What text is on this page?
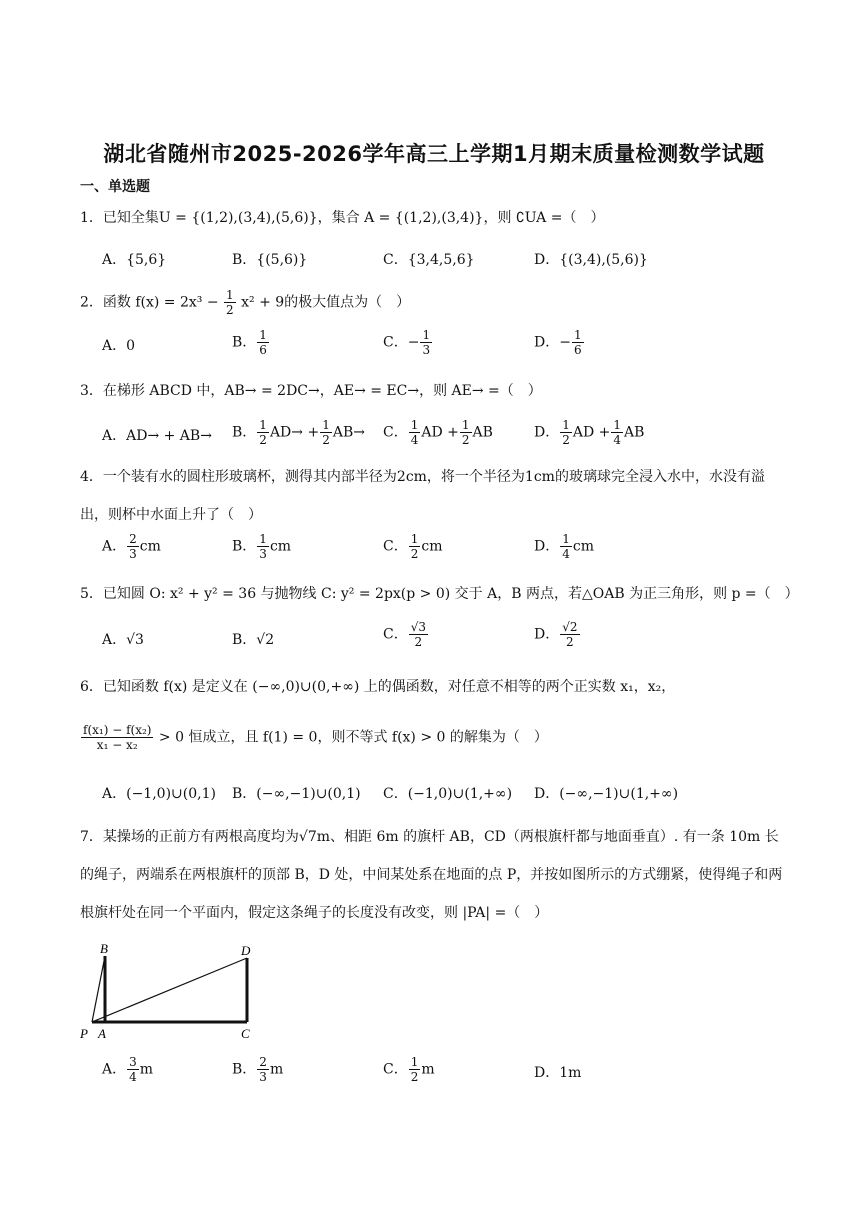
湖北省随州市2025-2026学年高三上学期1月期末质量检测数学试题
一、单选题
1．已知全集U = {(1,2),(3,4),(5,6)}，集合 A = {(1,2),(3,4)}，则 ∁UA =（　）
A．{5,6}	B．{(5,6)}	C．{3,4,5,6}	D．{(3,4),(5,6)}
2．函数 $f(x) = 2x^3 - \frac{1}{2} x^2 + 9$的极大值点为（　）
A．0	B． $\frac{1}{6}$	C．− $\frac{1}{3}$	D．− $\frac{1}{6}$
3．在梯形 ABCD 中，AB→ = 2DC→，AE→ = EC→，则 AE→ =（　）
A．AD→ + AB→ B． $\frac{1}{2} AD\to + \frac{1}{2} AB\to C$． $\frac{1}{4}$ AD + $\frac{1}{2}$ AB	D． $\frac{1}{2}$ AD + $\frac{1}{4}$ AB
4．一个装有水的圆柱形玻璃杯，测得其内部半径为2cm，将一个半径为1cm的玻璃球完全浸入水中，水没有溢出，则杯中水面上升了（　）
A． $\frac{2}{3}$ cm	B． $\frac{1}{3}$ cm	C． $\frac{1}{2}$ cm	D． $\frac{1}{4}$ cm
5．已知圆 O: x² + y² = 36 与抛物线 C: y² = 2px(p > 0) 交于 A，B 两点，若△OAB 为正三角形，则 p =（　）
A．√3	B．√2	C． $\frac{√3}{2}$	D． $\frac{√2}{2}$
6．已知函数 f(x) 是定义在 (−∞,0)∪(0,+∞) 上的偶函数，对任意不相等的两个正实数 x₁，x₂，
$\frac{\text{f(x₁) − f(x₂)}}{\text{x₁ − x₂}} > 0$ 恒成立，且 f(1) = 0，则不等式 f(x) > 0 的解集为（　）
A．(−1,0)∪(0,1) B．(−∞,−1)∪(0,1) C．(−1,0)∪(1,+∞) D．(−∞,−1)∪(1,+∞)
7．某操场的正前方有两根高度均为√7m、相距 6m 的旗杆 AB，CD（两根旗杆都与地面垂直）. 有一条 10m 长的绳子，两端系在两根旗杆的顶部 B，D 处，中间某处系在地面的点 P，并按如图所示的方式绷紧，使得绳子和两根旗杆处在同一个平面内，假定这条绳子的长度没有改变，则 |PA| =（　）
B	D
P A	C
A． $\frac{3}{4}$ m	B． $\frac{2}{3}$ m	C． $\frac{1}{2}$ m	D．1m
